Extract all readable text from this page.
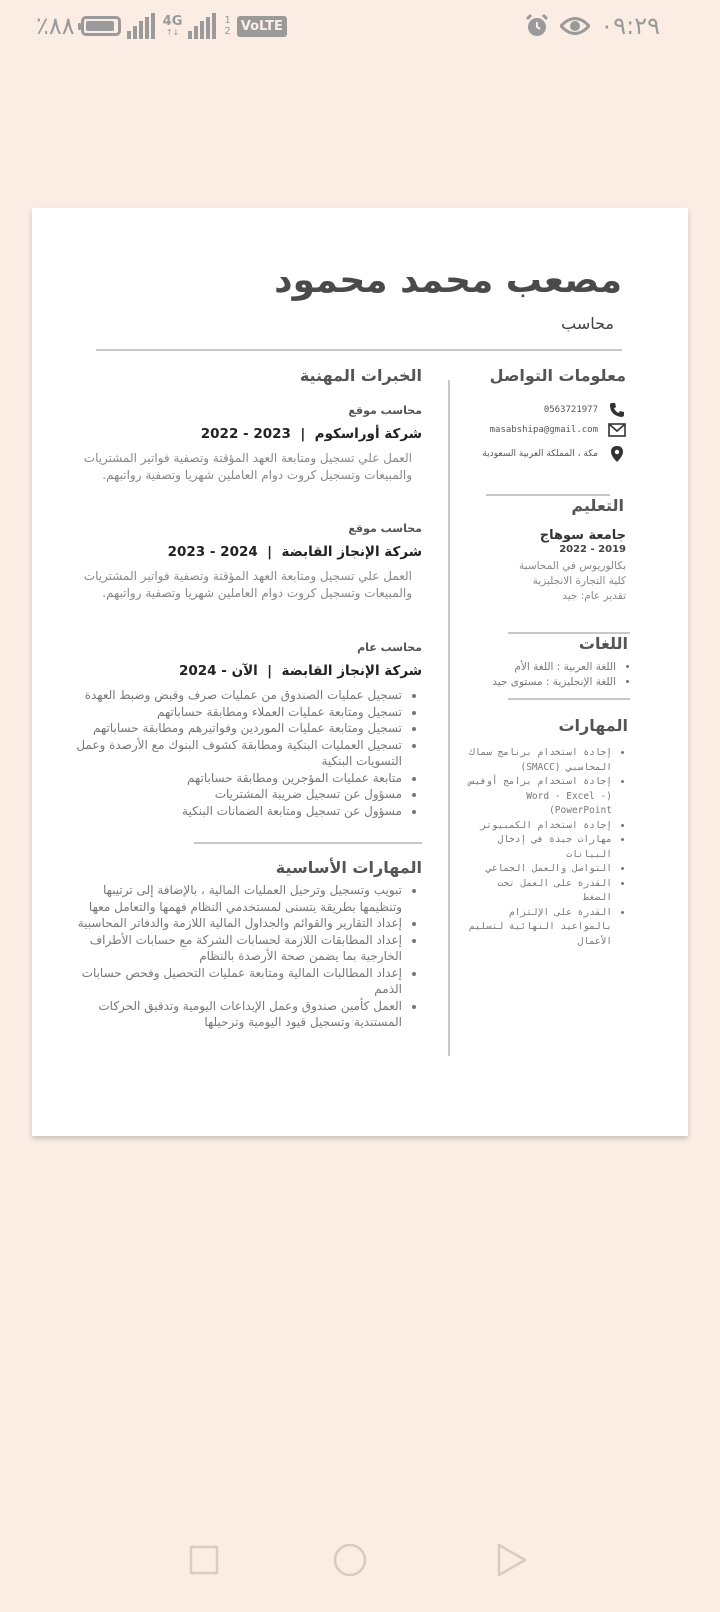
٪٨٨	4G
↑↓
1
2 VoLTE	٠٩:٢٩
مصعب محمد محمود
محاسب
معلومات التواصل
0563721977
masabshipa@gmail.com
مكة ، المملكة العربية السعودية
التعليم
جامعة سوهاج
2019 - 2022
بكالوريوس في المحاسبة
كلية التجارة الانجليزية
تقدير عام: جيد
اللغات
• اللغة العربية : اللغة الأم
• اللغة الإنجليزية : مستوى جيد
المهارات
• إجادة استخدام برنامج سماك المحاسبي (SMACC)
• إجادة استخدام برامج أوفيس (Word - Excel - PowerPoint)
• إجادة استخدام الكمبيوتر
• مهارات جيدة في إدخال البيانات
• التواصل والعمل الجماعي
• القدرة على العمل تحت الضغط
• القدرة على الإلتزام بالمواعيد النهائية لتسليم الأعمال
الخبرات المهنية
محاسب موقع
شركة أوراسكوم  |  2022 - 2023

العمل علي تسجيل ومتابعة العهد المؤقتة وتصفية فواتير المشتريات والمبيعات وتسجيل كروت دوام العاملين شهريا وتصفية رواتبهم.

محاسب موقع
شركة الإنجاز القابضة  |  2023 - 2024

العمل علي تسجيل ومتابعة العهد المؤقتة وتصفية فواتير المشتريات والمبيعات وتسجيل كروت دوام العاملين شهريا وتصفية رواتبهم.

محاسب عام
شركة الإنجاز القابضة  |  2024 - الآن
• تسجيل عمليات الصندوق من عمليات صرف وقبض وضبط العهدة
• تسجيل ومتابعة عمليات العملاء ومطابقة حساباتهم
• تسجيل ومتابعة عمليات الموردين وفواتيرهم ومطابقة حساباتهم
• تسجيل العمليات البنكية ومطابقة كشوف البنوك مع الأرصدة وعمل التسويات البنكية
• متابعة عمليات المؤجرين ومطابقة حساباتهم
• مسؤول عن تسجيل ضريبة المشتريات
• مسؤول عن تسجيل ومتابعة الضمانات البنكية
المهارات الأساسية
• تبويب وتسجيل وترحيل العمليات المالية ، بالإضافة إلى ترتيبها وتنظيمها بطريقة يتسنى لمستخدمي النظام فهمها والتعامل معها
• إعداد التقارير والقوائم والجداول المالية اللازمة والدفاتر المحاسبية
• إعداد المطابقات اللازمة لحسابات الشركة مع حسابات الأطراف الخارجية بما يضمن صحة الأرصدة بالنظام
• إعداد المطالبات المالية ومتابعة عمليات التحصيل وفحص حسابات الذمم
• العمل كأمين صندوق وعمل الإيداعات اليومية وتدقيق الحركات المستندية وتسجيل قيود اليومية وترحيلها
